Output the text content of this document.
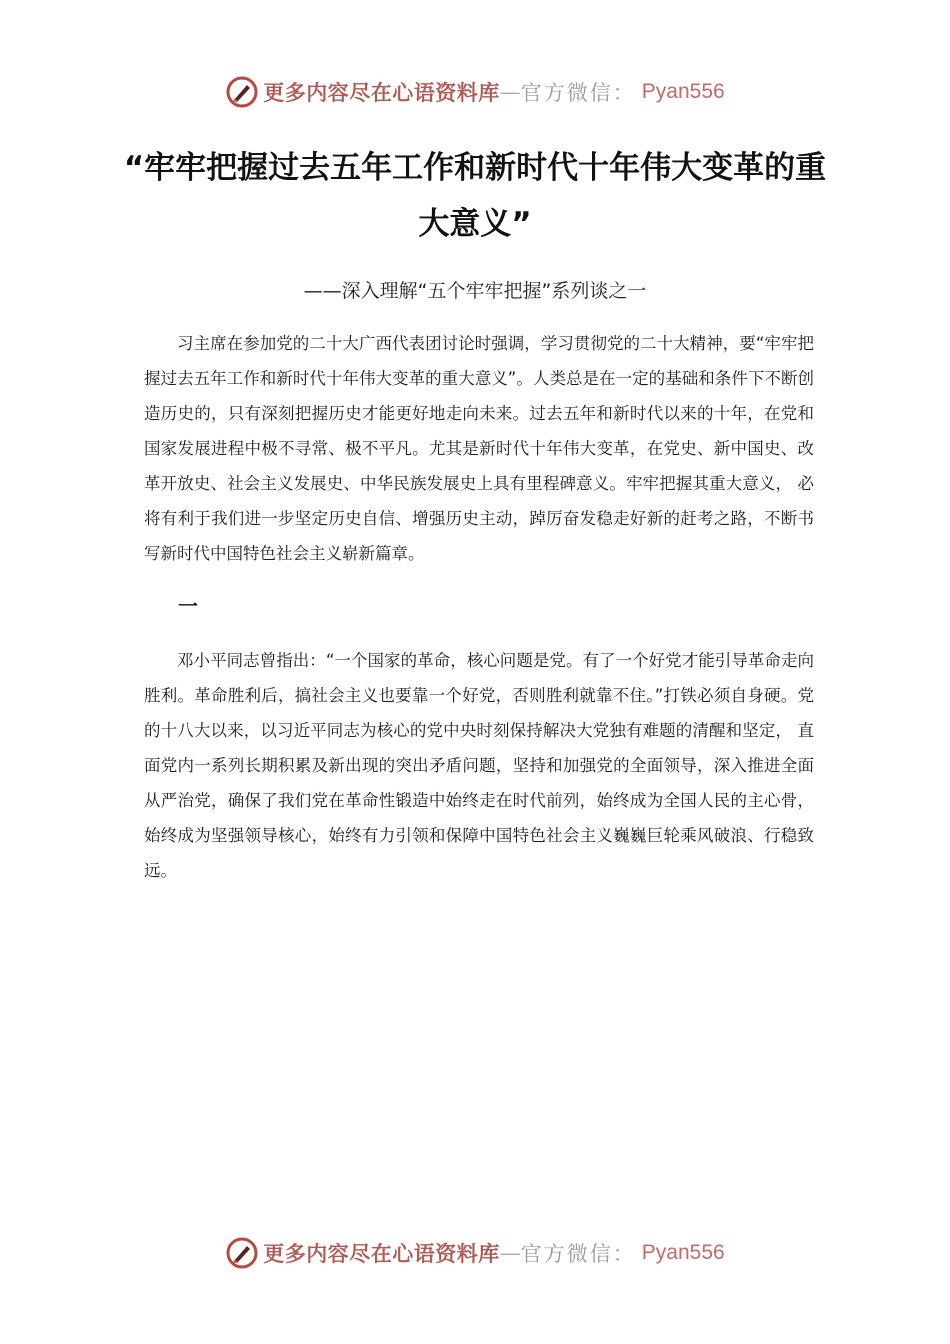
更多内容尽在心语资料库 — 官方微信： Pyan556
“牢牢把握过去五年工作和新时代十年伟大变革的重大意义”
——深入理解“五个牢牢把握”系列谈之一

习主席在参加党的二十大广西代表团讨论时强调，学习贯彻党的二十大精神，要“牢牢把握过去五年工作和新时代十年伟大变革的重大意义”。人类总是在一定的基础和条件下不断创造历史的，只有深刻把握历史才能更好地走向未来。过去五年和新时代以来的十年，在党和国家发展进程中极不寻常、极不平凡。尤其是新时代十年伟大变革，在党史、新中国史、改革开放史、社会主义发展史、中华民族发展史上具有里程碑意义。牢牢把握其重大意义， 必将有利于我们进一步坚定历史自信、增强历史主动，踔厉奋发稳走好新的赶考之路，不断书写新时代中国特色社会主义崭新篇章。

一

邓小平同志曾指出：“一个国家的革命，核心问题是党。有了一个好党才能引导革命走向胜利。革命胜利后，搞社会主义也要靠一个好党，否则胜利就靠不住。”打铁必须自身硬。党的十八大以来，以习近平同志为核心的党中央时刻保持解决大党独有难题的清醒和坚定， 直面党内一系列长期积累及新出现的突出矛盾问题，坚持和加强党的全面领导，深入推进全面从严治党，确保了我们党在革命性锻造中始终走在时代前列，始终成为全国人民的主心骨， 始终成为坚强领导核心，始终有力引领和保障中国特色社会主义巍巍巨轮乘风破浪、行稳致远。

更多内容尽在心语资料库 — 官方微信： Pyan556
